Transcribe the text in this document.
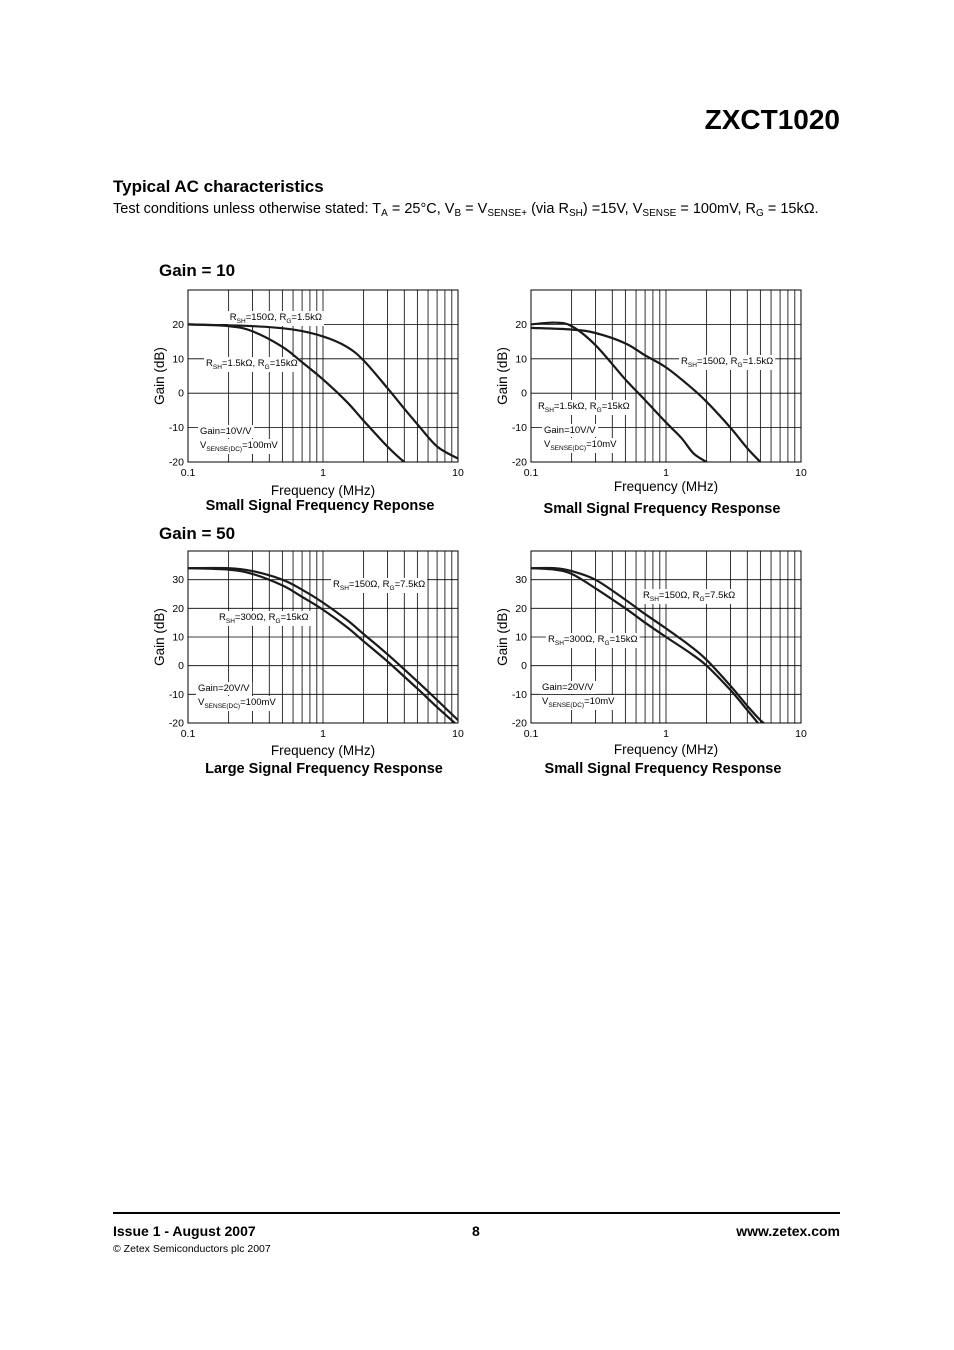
ZXCT1020
Typical AC characteristics
Test conditions unless otherwise stated: $T_A = 25^\circ C$, $V_B = V_{SENSE+}$ (via $R_{SH}) =15V$, $V_{SENSE} = 100mV$, $R_G = 15k\Omega$.
Gain = 10
Gain = 50
$R_{SH}=150\Omega$, $R_G=1.5k\Omega$
$R_{SH}=1.5k\Omega$, $R_G=15k\Omega$
Gain=10V/V
$V_{SENSE(DC)}=100mV$
20
10
0
-10
-20
0.1	1	10
Frequency (MHz)
Gain (dB)	$R_{SH}=150\Omega$, $R_G=1.5k\Omega$
$R_{SH}=1.5k\Omega$, $R_G=15k\Omega$
Gain=10V/V
$V_{SENSE(DC)}=10mV$
20
10
0
-10
-20
0.1	1	10
Frequency (MHz)
Gain (dB)
$R_{SH}=150\Omega$, $R_G=7.5k\Omega$
$R_{SH}=300\Omega$, $R_G=15k\Omega$
Gain=20V/V
$V_{SENSE(DC)}=100mV$
30
20
10
0
-10
-20
0.1	1	10
Frequency (MHz)
Gain (dB)
$R_{SH}=150\Omega$, $R_G=7.5k\Omega$
$R_{SH}=300\Omega$, $R_G=15k\Omega$
Gain=20V/V
$V_{SENSE(DC)}=10mV$
30
20
10
0
-10
-20
0.1	1	10
Frequency (MHz)
Gain (dB)
Small Signal Frequency Reponse	Small Signal Frequency Response
Large Signal Frequency Response	Small Signal Frequency Response
Issue 1 - August 2007
© Zetex Semiconductors plc 2007
8	www.zetex.com
